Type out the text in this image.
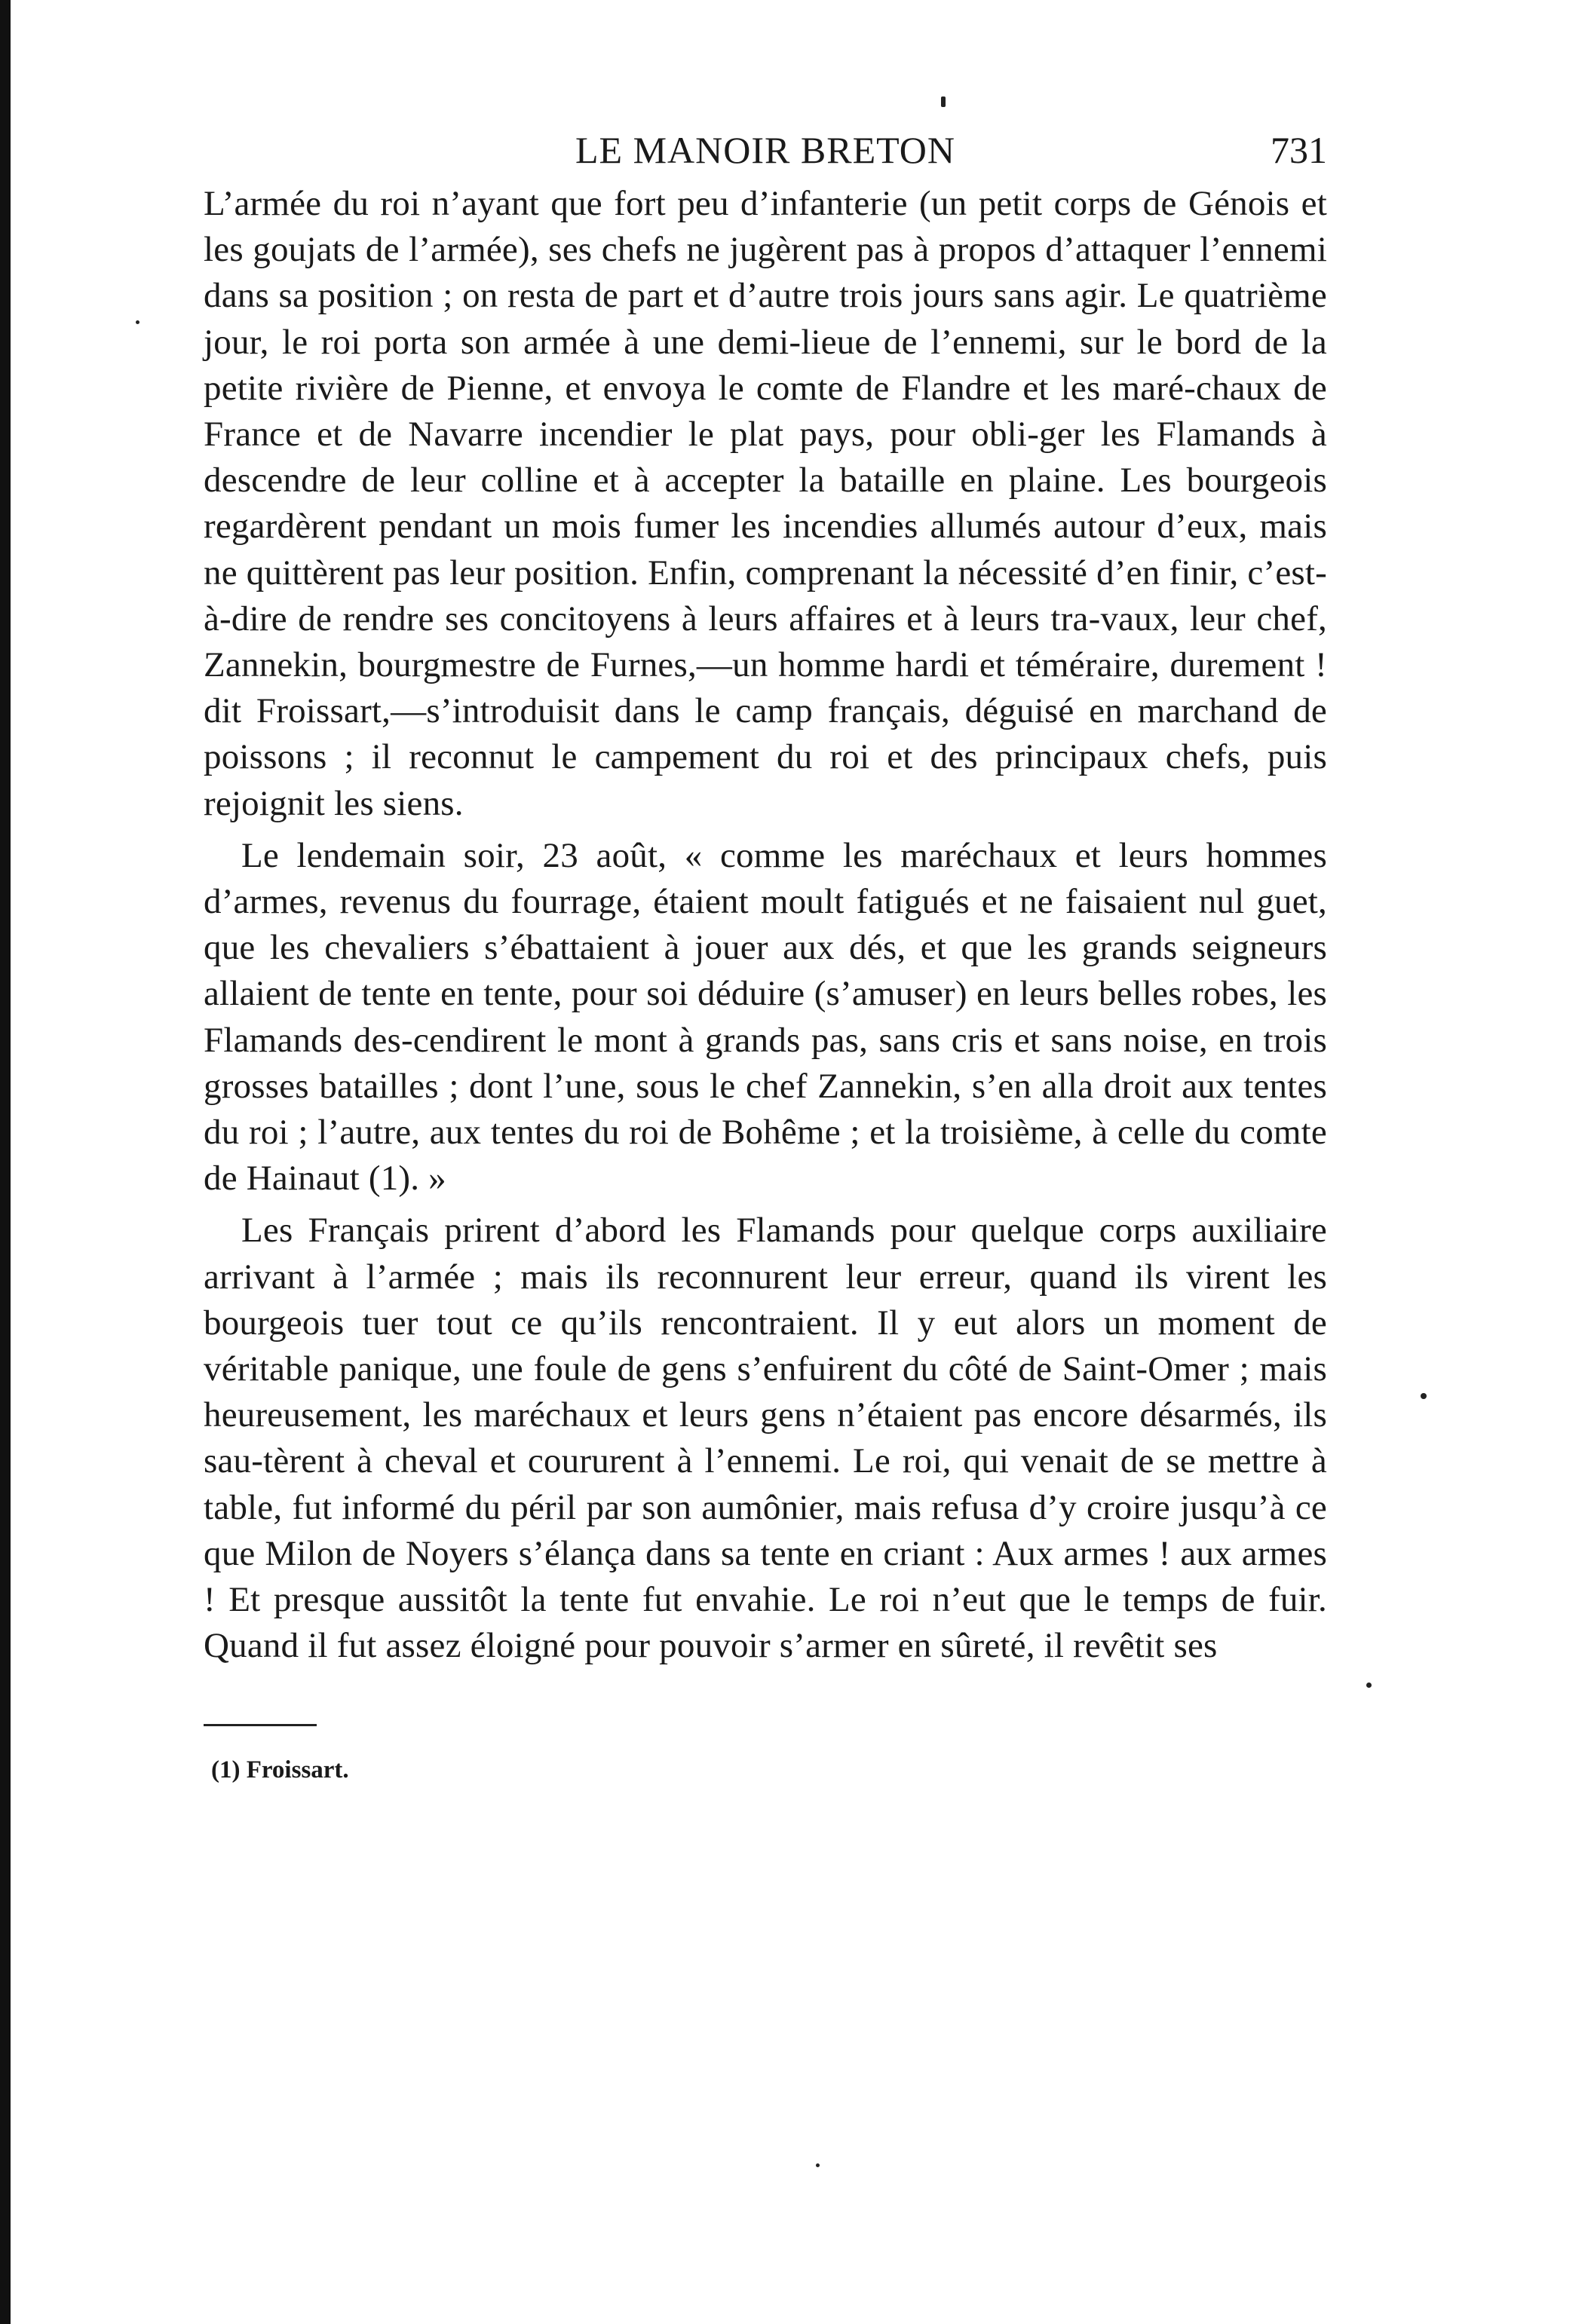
LE MANOIR BRETON	731

L’armée du roi n’ayant que fort peu d’infanterie (un petit corps de Génois et les goujats de l’armée), ses chefs ne jugèrent pas à propos d’attaquer l’ennemi dans sa position ; on resta de part et d’autre trois jours sans agir. Le quatrième jour, le roi porta son armée à une demi-lieue de l’ennemi, sur le bord de la petite rivière de Pienne, et envoya le comte de Flandre et les maré-chaux de France et de Navarre incendier le plat pays, pour obli-ger les Flamands à descendre de leur colline et à accepter la bataille en plaine. Les bourgeois regardèrent pendant un mois fumer les incendies allumés autour d’eux, mais ne quittèrent pas leur position. Enfin, comprenant la nécessité d’en finir, c’est-à-dire de rendre ses concitoyens à leurs affaires et à leurs tra-vaux, leur chef, Zannekin, bourgmestre de Furnes,—un homme hardi et téméraire, durement ! dit Froissart,—s’introduisit dans le camp français, déguisé en marchand de poissons ; il reconnut le campement du roi et des principaux chefs, puis rejoignit les siens.

Le lendemain soir, 23 août, « comme les maréchaux et leurs hommes d’armes, revenus du fourrage, étaient moult fatigués et ne faisaient nul guet, que les chevaliers s’ébattaient à jouer aux dés, et que les grands seigneurs allaient de tente en tente, pour soi déduire (s’amuser) en leurs belles robes, les Flamands des-cendirent le mont à grands pas, sans cris et sans noise, en trois grosses batailles ; dont l’une, sous le chef Zannekin, s’en alla droit aux tentes du roi ; l’autre, aux tentes du roi de Bohême ; et la troisième, à celle du comte de Hainaut (1). »

Les Français prirent d’abord les Flamands pour quelque corps auxiliaire arrivant à l’armée ; mais ils reconnurent leur erreur, quand ils virent les bourgeois tuer tout ce qu’ils rencontraient. Il y eut alors un moment de véritable panique, une foule de gens s’enfuirent du côté de Saint-Omer ; mais heureusement, les maréchaux et leurs gens n’étaient pas encore désarmés, ils sau-tèrent à cheval et coururent à l’ennemi. Le roi, qui venait de se mettre à table, fut informé du péril par son aumônier, mais refusa d’y croire jusqu’à ce que Milon de Noyers s’élança dans sa tente en criant : Aux armes ! aux armes ! Et presque aussitôt la tente fut envahie. Le roi n’eut que le temps de fuir. Quand il fut assez éloigné pour pouvoir s’armer en sûreté, il revêtit ses

(1) Froissart.
